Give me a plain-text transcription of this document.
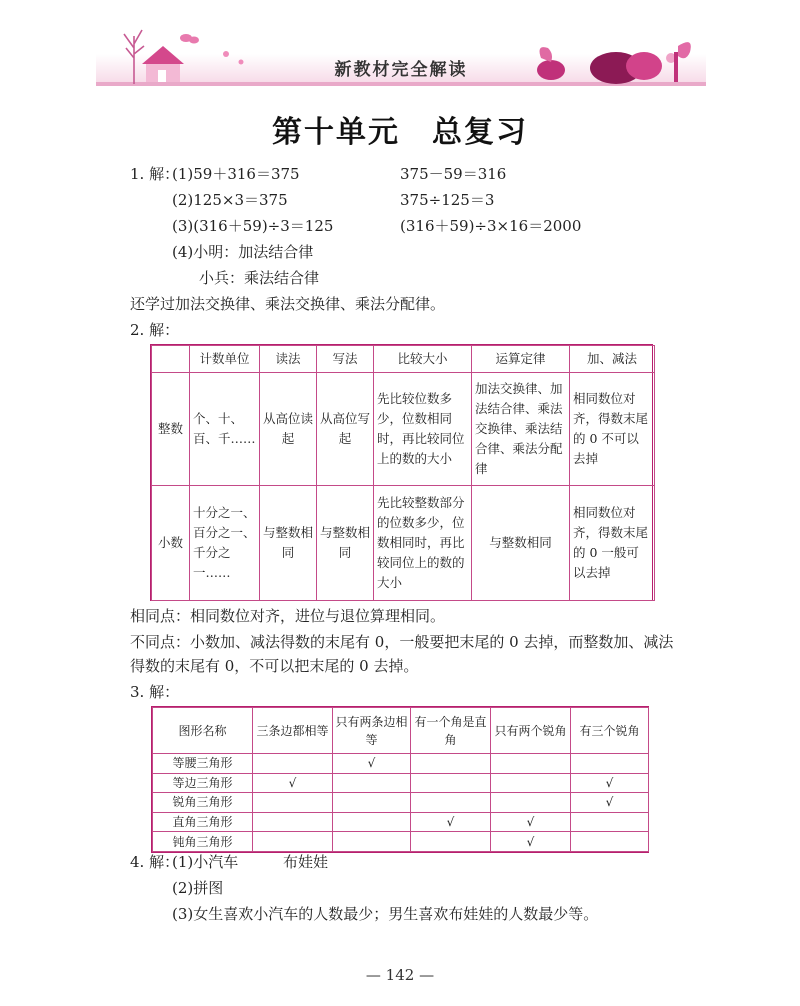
新教材完全解读
第十单元　总复习
1. 解：
(1)59＋316＝375	375－59＝316
(2)125×3＝375	375÷125＝3
(3)(316＋59)÷3＝125	(316＋59)÷3×16＝2000
(4)小明：加法结合律
小兵：乘法结合律
还学过加法交换律、乘法交换律、乘法分配律。
2. 解：
	计数单位	读法	写法	比较大小	运算定律	加、减法
整数	个、十、百、千……	从高位读起	从高位写起	先比较位数多少，位数相同时，再比较同位上的数的大小	加法交换律、加法结合律、乘法交换律、乘法结合律、乘法分配律	相同数位对齐，得数末尾的 0 不可以去掉
小数	十分之一、百分之一、千分之一……	与整数相同	与整数相同	先比较整数部分的位数多少，位数相同时，再比较同位上的数的大小	与整数相同	相同数位对齐，得数末尾的 0 一般可以去掉
相同点：相同数位对齐，进位与退位算理相同。
不同点：小数加、减法得数的末尾有 0，一般要把末尾的 0 去掉，而整数加、减法
得数的末尾有 0，不可以把末尾的 0 去掉。
3. 解：
图形名称	三条边都相等	只有两条边相等	有一个角是直角	只有两个锐角	有三个锐角
等腰三角形		√			
等边三角形	√				√
锐角三角形					√
直角三角形			√	√	
钝角三角形				√	
4. 解：
(1)小汽车	布娃娃
(2)拼图
(3)女生喜欢小汽车的人数最少；男生喜欢布娃娃的人数最少等。
— 142 —
